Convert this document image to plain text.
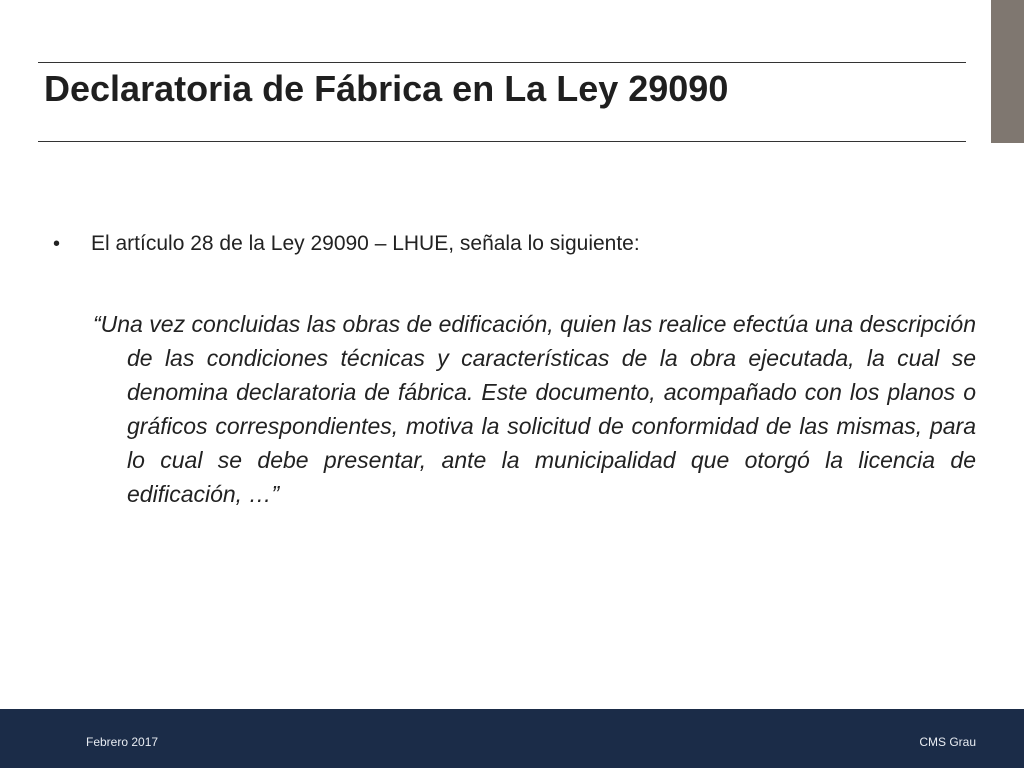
Declaratoria de Fábrica en La Ley 29090
•	El artículo 28 de la Ley 29090 – LHUE, señala lo siguiente:

“Una vez concluidas las obras de edificación, quien las realice efectúa una descripción de las condiciones técnicas y características de la obra ejecutada, la cual se denomina declaratoria de fábrica. Este documento, acompañado con los planos o gráficos correspondientes, motiva la solicitud de conformidad de las mismas, para lo cual se debe presentar, ante la municipalidad que otorgó la licencia de edificación, …”

Febrero 2017	CMS Grau
